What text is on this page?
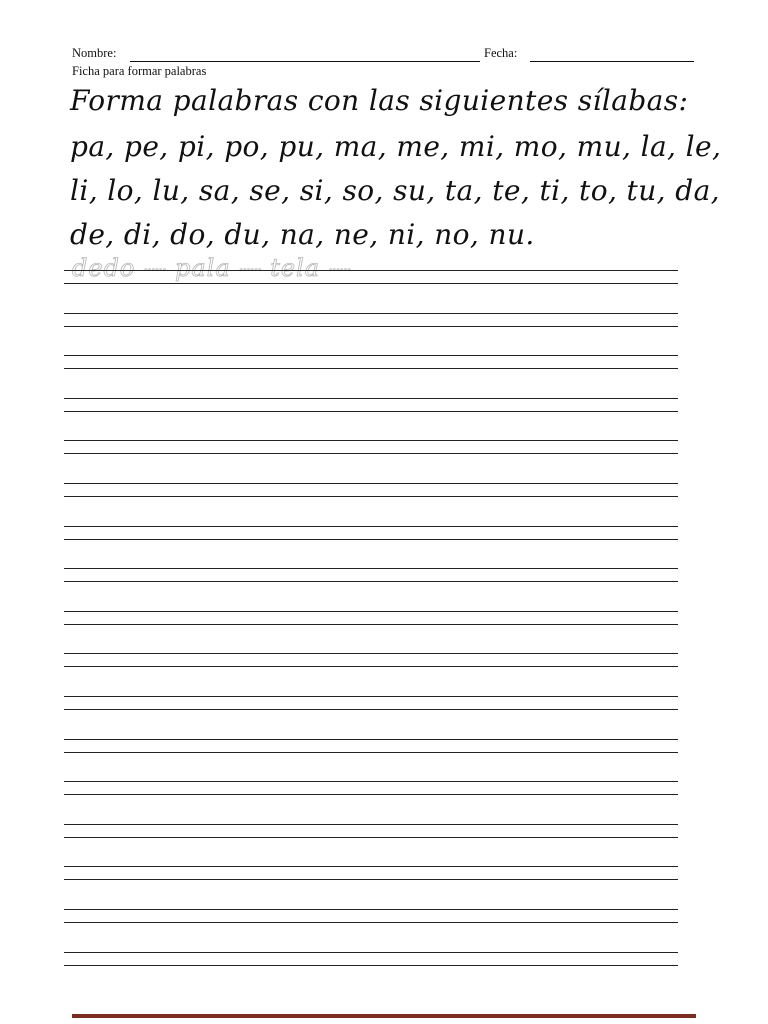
Nombre:	Fecha:
Ficha para formar palabras
Forma palabras con las siguientes sílabas:
pa, pe, pi, po, pu, ma, me, mi, mo, mu, la, le,
li, lo, lu, sa, se, si, so, su, ta, te, ti, to, tu, da,
de, di, do, du, na, ne, ni, no, nu.
dedo ------ pala ------ tela ------
